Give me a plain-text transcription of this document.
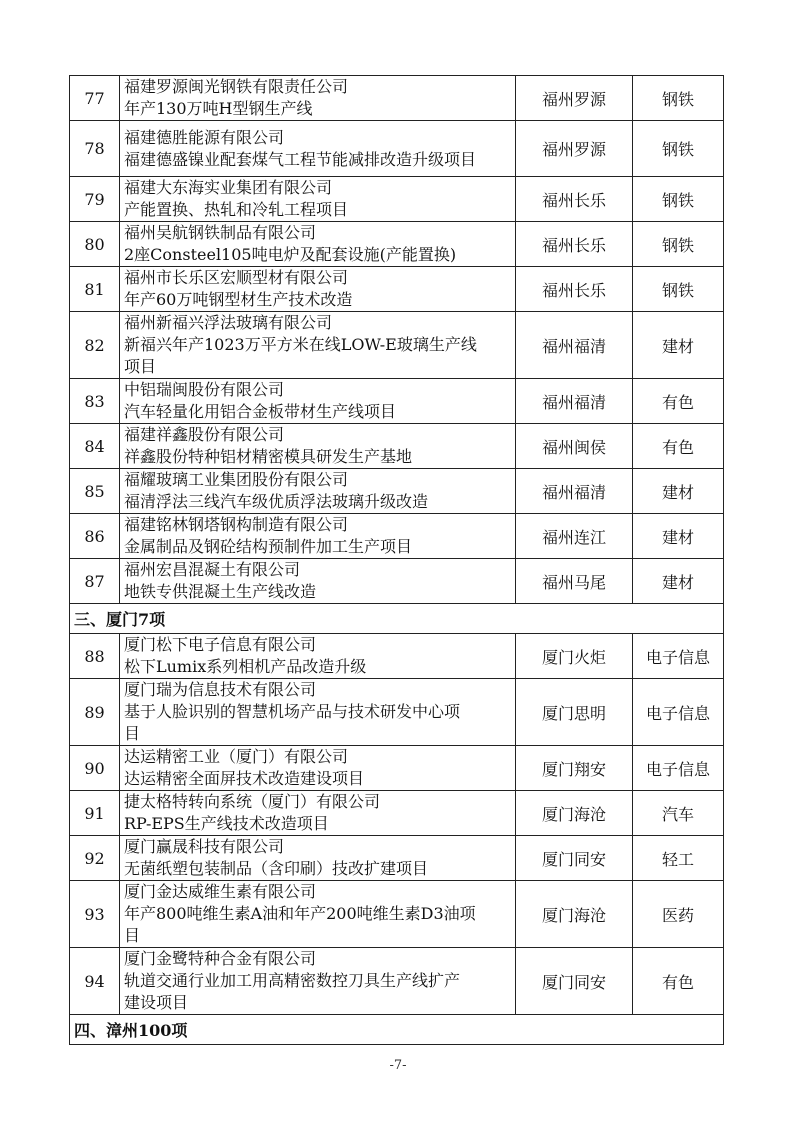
77	福建罗源闽光钢铁有限责任公司
年产130万吨H型钢生产线	福州罗源	钢铁
78	福建德胜能源有限公司
福建德盛镍业配套煤气工程节能减排改造升级项目	福州罗源	钢铁
79	福建大东海实业集团有限公司
产能置换、热轧和冷轧工程项目	福州长乐	钢铁
80	福州吴航钢铁制品有限公司
2座Consteel105吨电炉及配套设施(产能置换)	福州长乐	钢铁
81	福州市长乐区宏顺型材有限公司
年产60万吨钢型材生产技术改造	福州长乐	钢铁
82	福州新福兴浮法玻璃有限公司
新福兴年产1023万平方米在线LOW-E玻璃生产线
项目	福州福清	建材
83	中铝瑞闽股份有限公司
汽车轻量化用铝合金板带材生产线项目	福州福清	有色
84	福建祥鑫股份有限公司
祥鑫股份特种铝材精密模具研发生产基地	福州闽侯	有色
85	福耀玻璃工业集团股份有限公司
福清浮法三线汽车级优质浮法玻璃升级改造	福州福清	建材
86	福建铭林钢塔钢构制造有限公司
金属制品及钢砼结构预制件加工生产项目	福州连江	建材
87	福州宏昌混凝土有限公司
地铁专供混凝土生产线改造	福州马尾	建材
三、厦门7项			
88	厦门松下电子信息有限公司
松下Lumix系列相机产品改造升级	厦门火炬	电子信息
89	厦门瑞为信息技术有限公司
基于人脸识别的智慧机场产品与技术研发中心项
目	厦门思明	电子信息
90	达运精密工业（厦门）有限公司
达运精密全面屏技术改造建设项目	厦门翔安	电子信息
91	捷太格特转向系统（厦门）有限公司
RP-EPS生产线技术改造项目	厦门海沧	汽车
92	厦门赢晟科技有限公司
无菌纸塑包装制品（含印刷）技改扩建项目	厦门同安	轻工
93	厦门金达威维生素有限公司
年产800吨维生素A油和年产200吨维生素D3油项
目	厦门海沧	医药
94	厦门金鹭特种合金有限公司
轨道交通行业加工用高精密数控刀具生产线扩产
建设项目	厦门同安	有色
四、漳州100项			
-7-
